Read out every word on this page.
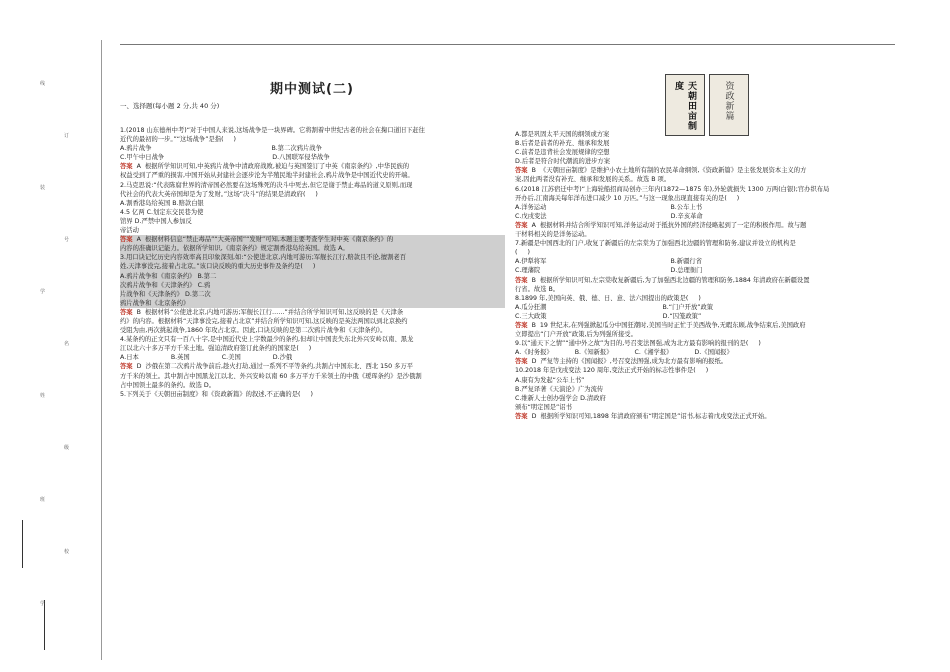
线
订
装
号
学
名
姓
级
班
校
学
期中测试(二)
一、选择题(每小题 2 分,共 40 分)	天朝田亩制度	资政新篇

1.(2018 山东德州中考)“对于中国人来说,这场战争是一块界碑。它将割着中世纪古老的社会在掬口道旧下赶往

近代的最初的一步。”“这场战争”是指(     )

A.鸦片战争                                                            B.第二次鸦片战争

C.甲午中日战争                                                      D.八国联军侵华战争

答案  A  根据所学知识可知,中英鸦片战争中清政府战败,被迫与英国签订了中英《南京条约》,中华民族的

权益受到了严重的损害,中国开始从封建社会逐步沦为半殖民地半封建社会,鸦片战争是中国近代史的开端。

2.马克思说:“代表陈腐世界的清帝国必然要在这场殊死的决斗中死去,但它是谢于禁止毒品的道义原则,而现

代社会的代表大英帝国却是为了发财。”这场“决斗”的结果是清政府(     )

A.割香港岛给英国 B.赔款白银

4.5 亿两 C.划定东交民巷为使

馆界 D.严禁中国人参加反

帝活动

答案  A  根据材料信息“禁止毒品”“大英帝国”“发财”可知,本题主要考查学生对中英《南京条约》的

内容的准确识记能力。依据所学知识,《南京条约》规定割香港岛给英国。故选 A。

3.用口诀记忆历史内容效率高且印象深刻,如:“公使进北京,内地可游历;军舰长江行,赔款且不论,擅割老百

姓,天津事没完,接着占北京。”该口诀反映的重大历史事件及条约是(     )

A.鸦片战争和《南京条约》 B.第二

次鸦片战争和《天津条约》 C.鸦

片战争和《天津条约》 D.第二次

鸦片战争和《北京条约》

答案  B  根据材料“公使进北京,内地可游历;军舰长江行……”并结合所学知识可知,这反映的是《天津条

约》的内容。根据材料“天津事没完,接着占北京”并结合所学知识可知,这反映的是英法两国以到北京换约

受阻为由,再次挑起战争,1860 年攻占北京。因此,口诀反映的是第二次鸦片战争和《天津条约》。

4.某条约的正文只有一百八十字,是中国近代史上字数最少的条约,但却让中国丧失东北外兴安岭以南、黑龙

江以北六十多万平方千米土地。强迫清政府签订此条约的国家是(     )

A.日本                B.英国                C.美国                D.沙俄

答案  D  沙俄在第二次鸦片战争前后,趁火打劫,通过一系列不平等条约,共割占中国东北、西北 150 多万平

方千米的领土。其中割占中国黑龙江以北、外兴安岭以南 60 多万平方千米领土的中俄《瑷珲条约》是沙俄割

占中国领土最多的条约。故选 D。

5.下列关于《天朝田亩制度》和《资政新篇》的叙述,不正确的是(     )

A.都是巩固太平天国的纲领或方案

B.后者是前者的补充、继承和发展

C.前者是违背社会发展规律的空想

D.后者是符合时代潮流的进步方案

答案  B  《天朝田亩制度》是维护小农土地所有制的农民革命纲领,《资政新篇》是主张发展资本主义的方

案,因此两者没有补充、继承和发展的关系。故选 B 项。

6.(2018 江苏宿迁中考)“上海轮船招商局创办三年内(1872—1875 年),外轮就损失 1300 万两(白银);官办织布局

开办后,江南海关每年洋布进口减少 10 万匹。”与这一现象出现直接有关的是(     )

A.洋务运动                                                              B.公车上书

C.戊戌变法                                                              D.辛亥革命

答案  A  根据材料并结合所学知识可知,洋务运动对于抵抗外国的经济侵略起到了一定的积极作用。故与题

干材料相关的是洋务运动。

7.新疆是中国西北的门户,收复了新疆后的左宗棠为了加强西北边疆的管理和防务,建议并设立的机构是

(     )

A.伊犁将军                                                              B.新疆行省

C.理藩院                                                                 D.总理衙门

答案  B  根据所学知识可知,左宗棠收复新疆后,为了加强西北边疆的管理和防务,1884 年清政府在新疆设置

行省。故选 B。

8.1899 年,美国向英、俄、德、日、意、法六国提出的政策是(     )

A.瓜分狂潮                                                          B.“门户开放”政策

C.三大政策                                                          D.“囚笼政策”

答案  B  19 世纪末,在列强掀起瓜分中国狂潮时,美国当时正忙于美西战争,无暇东顾,战争结束后,美国政府

立即提出“门户开放”政策,后为列强所接受。

9.以“通天下之情”“通中外之故”为目的,号召变法图强,成为北方最有影响的报刊的是(     )

A.《时务报》           B.《知新报》           C.《湘学报》           D.《国闻报》

答案  D  严复等主持的《国闻报》,号召变法图强,成为北方最有影响的报纸。

10.2018 年是戊戌变法 120 周年,变法正式开始的标志性事件是(     )

A.康有为发起“公车上书”

B.严复译著《天演论》广为流传

C.维新人士创办强学会 D.清政府

颁布“明定国是”诏书

答案  D  根据所学知识可知,1898 年清政府颁布“明定国是”诏书,标志着戊戌变法正式开始。
